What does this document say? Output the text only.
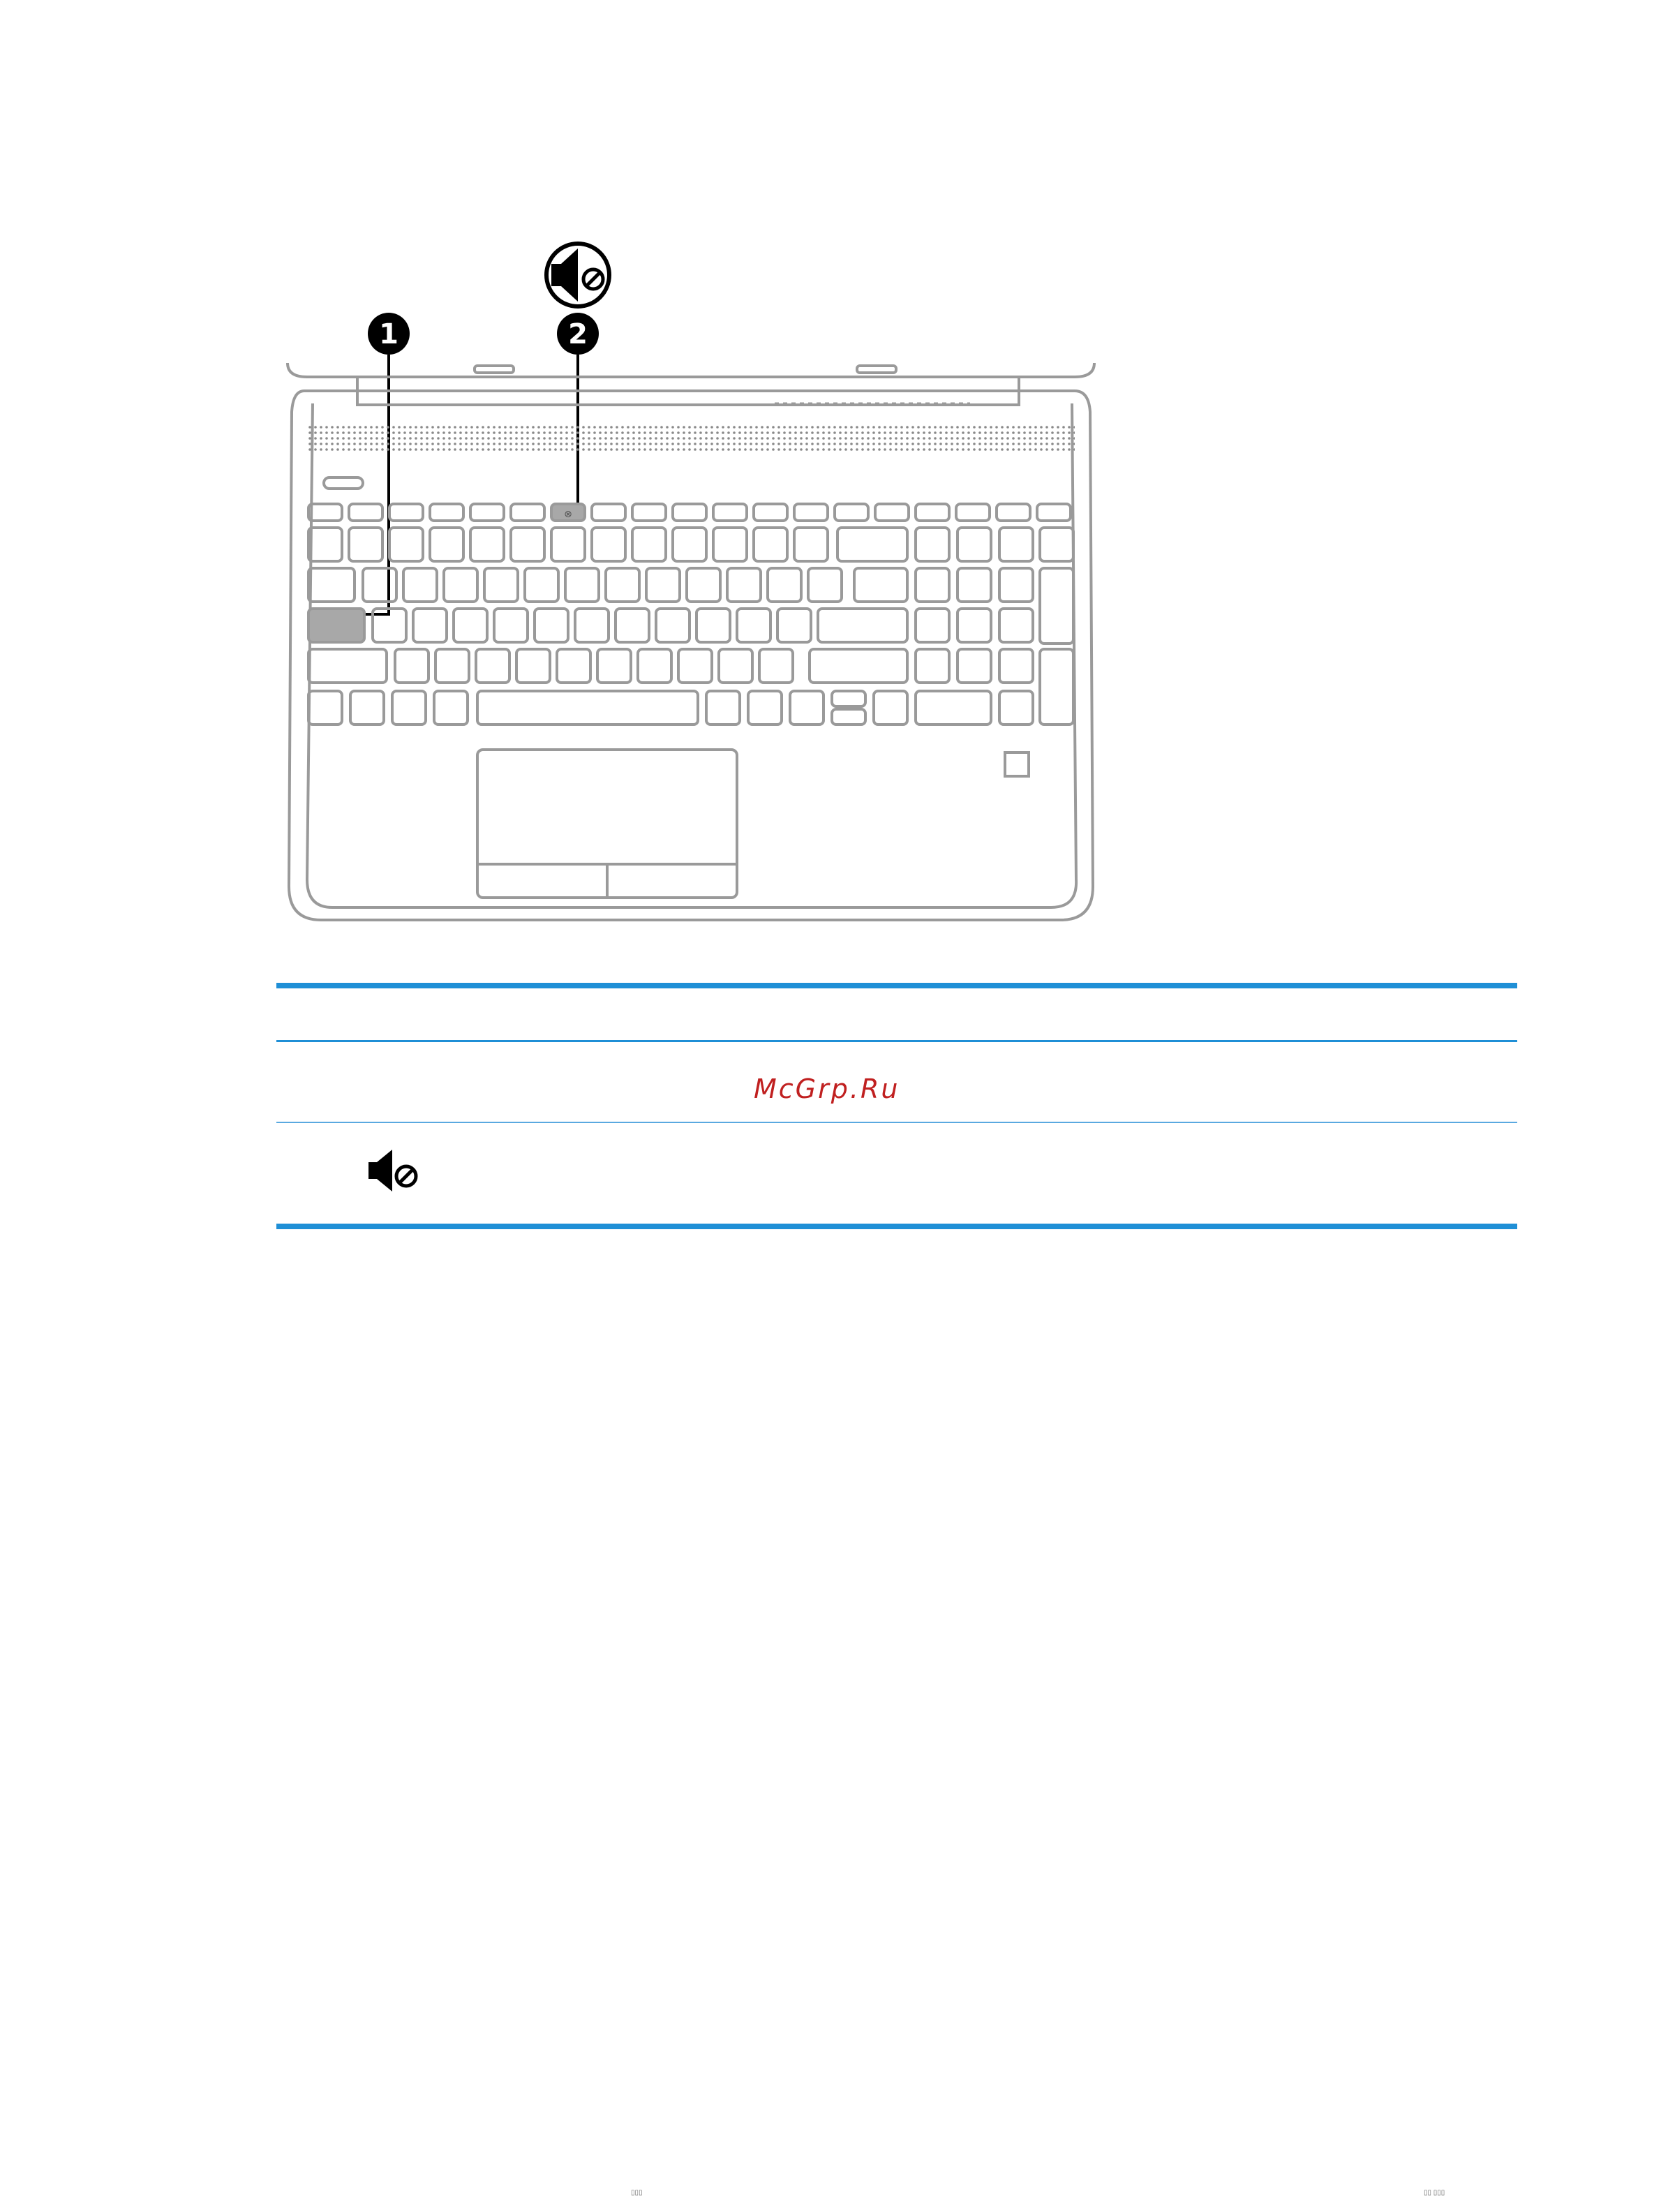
1	2
⊗
McGrp.Ru
▯▯▯	▯▯ ▯▯▯
